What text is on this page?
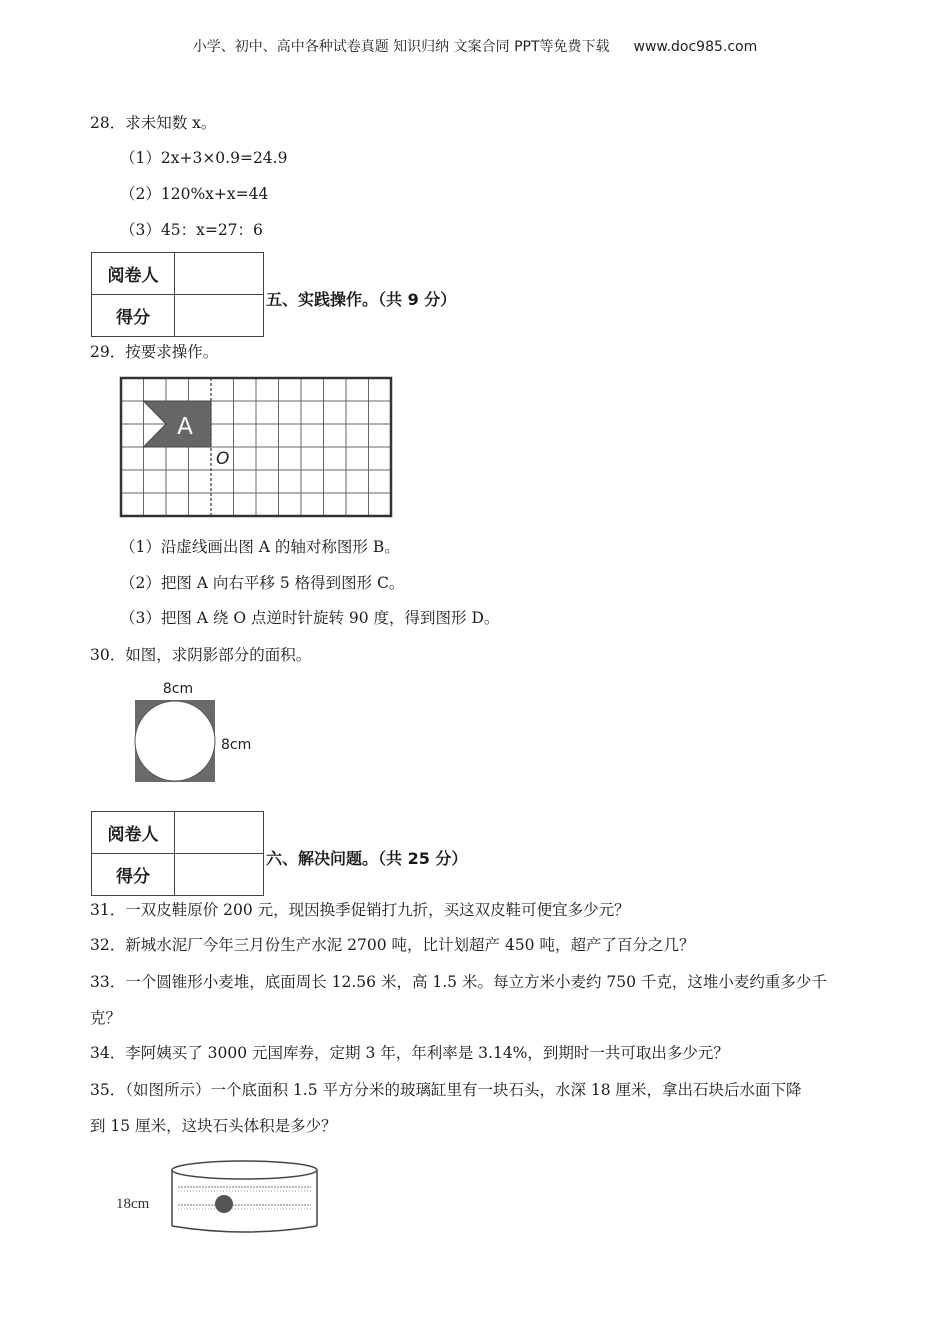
小学、初中、高中各种试卷真题 知识归纳 文案合同 PPT等免费下载 www.doc985.com
28．求未知数 x。
（1）2x+3×0.9=24.9
（2）120%x+x=44
（3）45：x=27：6
阅卷人	
得分	
五、实践操作。（共 9 分）
29．按要求操作。
A
O
（1）沿虚线画出图 A 的轴对称图形 B。
（2）把图 A 向右平移 5 格得到图形 C。
（3）把图 A 绕 O 点逆时针旋转 90 度，得到图形 D。
30．如图，求阴影部分的面积。
8cm
8cm
阅卷人	
得分	
六、解决问题。（共 25 分）
31．一双皮鞋原价 200 元，现因换季促销打九折，买这双皮鞋可便宜多少元？
32．新城水泥厂今年三月份生产水泥 2700 吨，比计划超产 450 吨，超产了百分之几？
33．一个圆锥形小麦堆，底面周长 12.56 米，高 1.5 米。每立方米小麦约 750 千克，这堆小麦约重多少千
克？
34．李阿姨买了 3000 元国库券，定期 3 年，年利率是 3.14%，到期时一共可取出多少元？
35．（如图所示）一个底面积 1.5 平方分米的玻璃缸里有一块石头，水深 18 厘米，拿出石块后水面下降
到 15 厘米，这块石头体积是多少？
18cm
